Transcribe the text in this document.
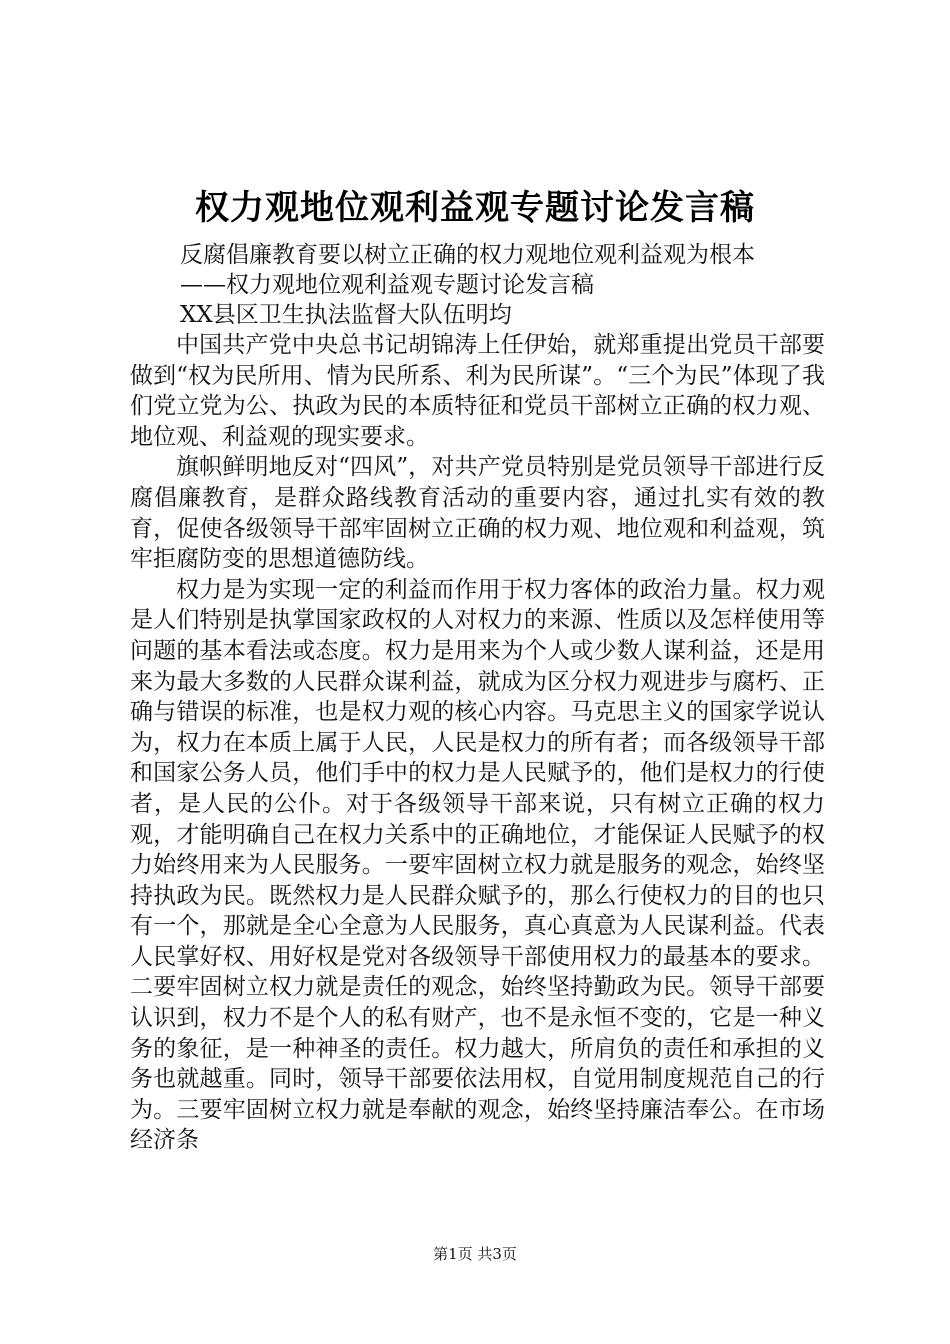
权力观地位观利益观专题讨论发言稿
反腐倡廉教育要以树立正确的权力观地位观利益观为根本
——权力观地位观利益观专题讨论发言稿
XX县区卫生执法监督大队伍明均

中国共产党中央总书记胡锦涛上任伊始，就郑重提出党员干部要做到“权为民所用、情为民所系、利为民所谋”。“三个为民”体现了我们党立党为公、执政为民的本质特征和党员干部树立正确的权力观、地位观、利益观的现实要求。

旗帜鲜明地反对“四风”，对共产党员特别是党员领导干部进行反腐倡廉教育，是群众路线教育活动的重要内容，通过扎实有效的教育，促使各级领导干部牢固树立正确的权力观、地位观和利益观，筑牢拒腐防变的思想道德防线。

权力是为实现一定的利益而作用于权力客体的政治力量。权力观是人们特别是执掌国家政权的人对权力的来源、性质以及怎样使用等问题的基本看法或态度。权力是用来为个人或少数人谋利益，还是用来为最大多数的人民群众谋利益，就成为区分权力观进步与腐朽、正确与错误的标准，也是权力观的核心内容。马克思主义的国家学说认为，权力在本质上属于人民，人民是权力的所有者；而各级领导干部和国家公务人员，他们手中的权力是人民赋予的，他们是权力的行使者，是人民的公仆。对于各级领导干部来说，只有树立正确的权力观，才能明确自己在权力关系中的正确地位，才能保证人民赋予的权力始终用来为人民服务。一要牢固树立权力就是服务的观念，始终坚持执政为民。既然权力是人民群众赋予的，那么行使权力的目的也只有一个，那就是全心全意为人民服务，真心真意为人民谋利益。代表人民掌好权、用好权是党对各级领导干部使用权力的最基本的要求。二要牢固树立权力就是责任的观念，始终坚持勤政为民。领导干部要认识到，权力不是个人的私有财产，也不是永恒不变的，它是一种义务的象征，是一种神圣的责任。权力越大，所肩负的责任和承担的义务也就越重。同时，领导干部要依法用权，自觉用制度规范自己的行为。三要牢固树立权力就是奉献的观念，始终坚持廉洁奉公。在市场经济条

第1页 共3页
